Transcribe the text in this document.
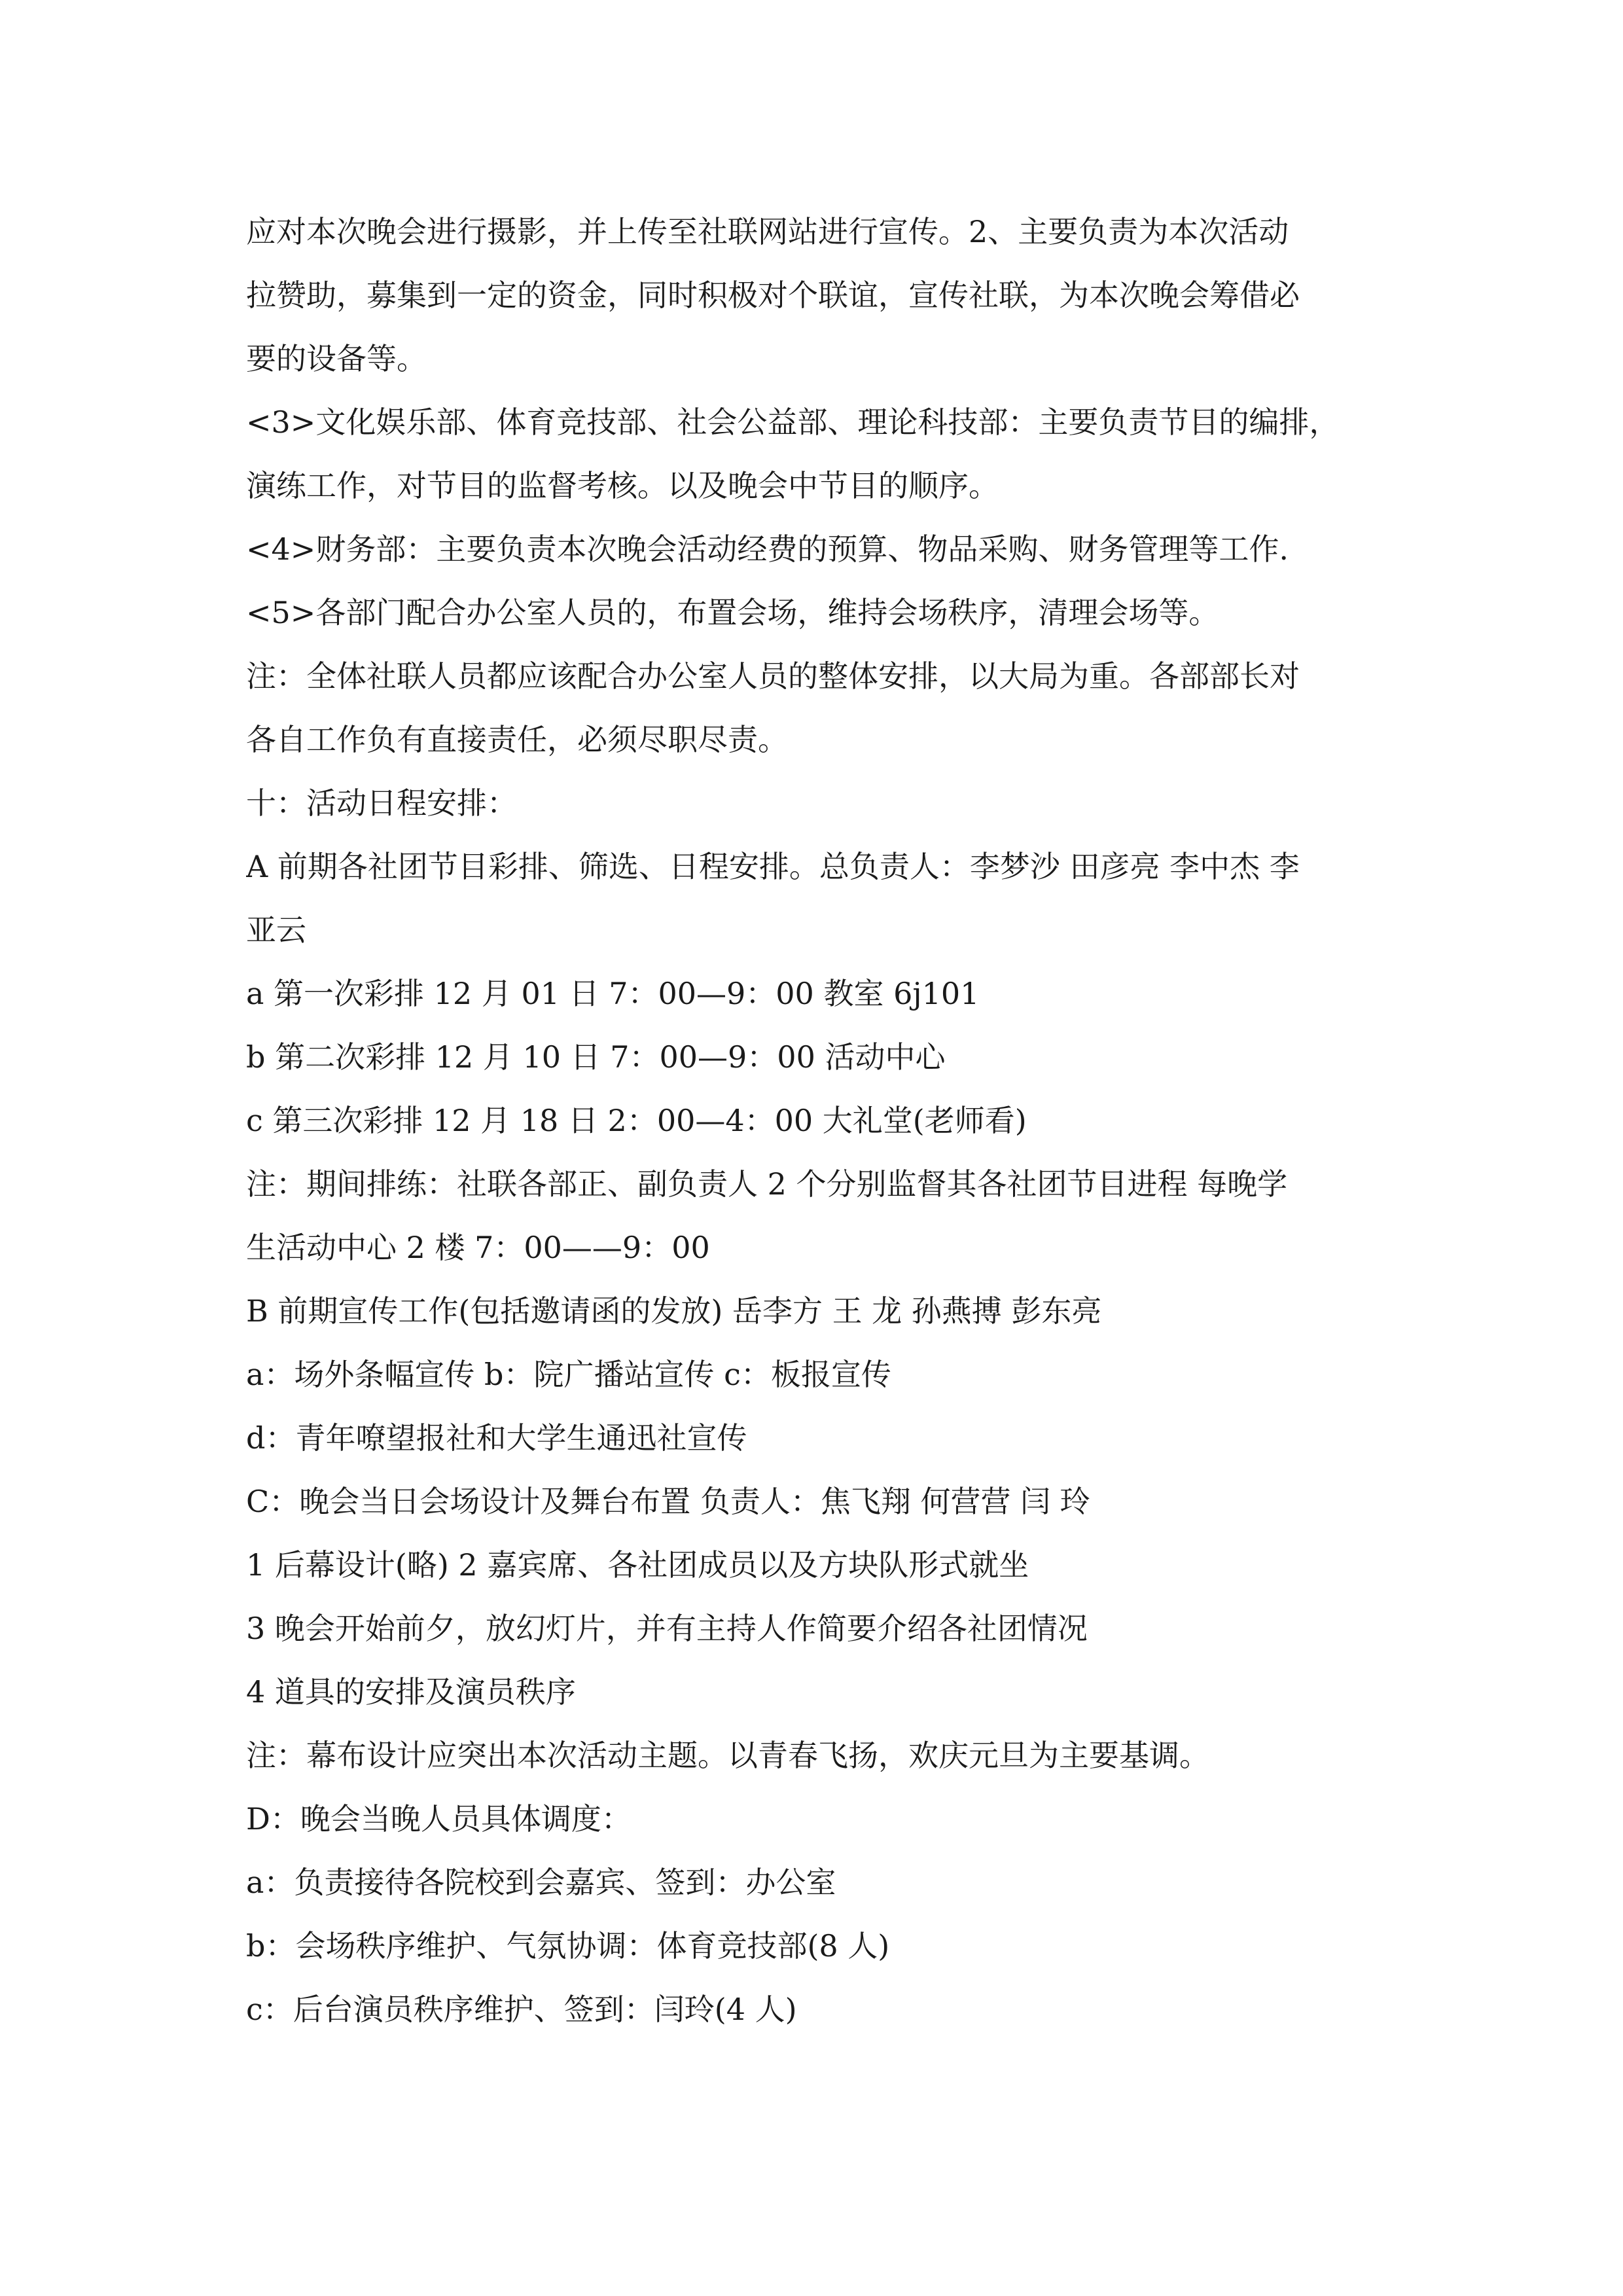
应对本次晚会进行摄影，并上传至社联网站进行宣传。2、主要负责为本次活动
拉赞助，募集到一定的资金，同时积极对个联谊，宣传社联，为本次晚会筹借必
要的设备等。
<3>文化娱乐部、体育竞技部、社会公益部、理论科技部：主要负责节目的编排，
演练工作，对节目的监督考核。以及晚会中节目的顺序。
<4>财务部：主要负责本次晚会活动经费的预算、物品采购、财务管理等工作.
<5>各部门配合办公室人员的，布置会场，维持会场秩序，清理会场等。
注：全体社联人员都应该配合办公室人员的整体安排，以大局为重。各部部长对
各自工作负有直接责任，必须尽职尽责。
十：活动日程安排：
A 前期各社团节目彩排、筛选、日程安排。总负责人：李梦沙 田彦亮 李中杰 李
亚云
a 第一次彩排 12 月 01 日 7：00—9：00 教室 6j101
b 第二次彩排 12 月 10 日 7：00—9：00 活动中心
c 第三次彩排 12 月 18 日 2：00—4：00 大礼堂(老师看)
注：期间排练：社联各部正、副负责人 2 个分别监督其各社团节目进程 每晚学
生活动中心 2 楼 7：00——9：00
B 前期宣传工作(包括邀请函的发放) 岳李方 王 龙 孙燕搏 彭东亮
a：场外条幅宣传 b：院广播站宣传 c：板报宣传
d：青年嘹望报社和大学生通迅社宣传
C：晚会当日会场设计及舞台布置 负责人：焦飞翔 何营营 闫 玲
1 后幕设计(略) 2 嘉宾席、各社团成员以及方块队形式就坐
3 晚会开始前夕，放幻灯片，并有主持人作简要介绍各社团情况
4 道具的安排及演员秩序
注：幕布设计应突出本次活动主题。以青春飞扬，欢庆元旦为主要基调。
D：晚会当晚人员具体调度：
a：负责接待各院校到会嘉宾、签到：办公室
b：会场秩序维护、气氛协调：体育竞技部(8 人)
c：后台演员秩序维护、签到：闫玲(4 人)
